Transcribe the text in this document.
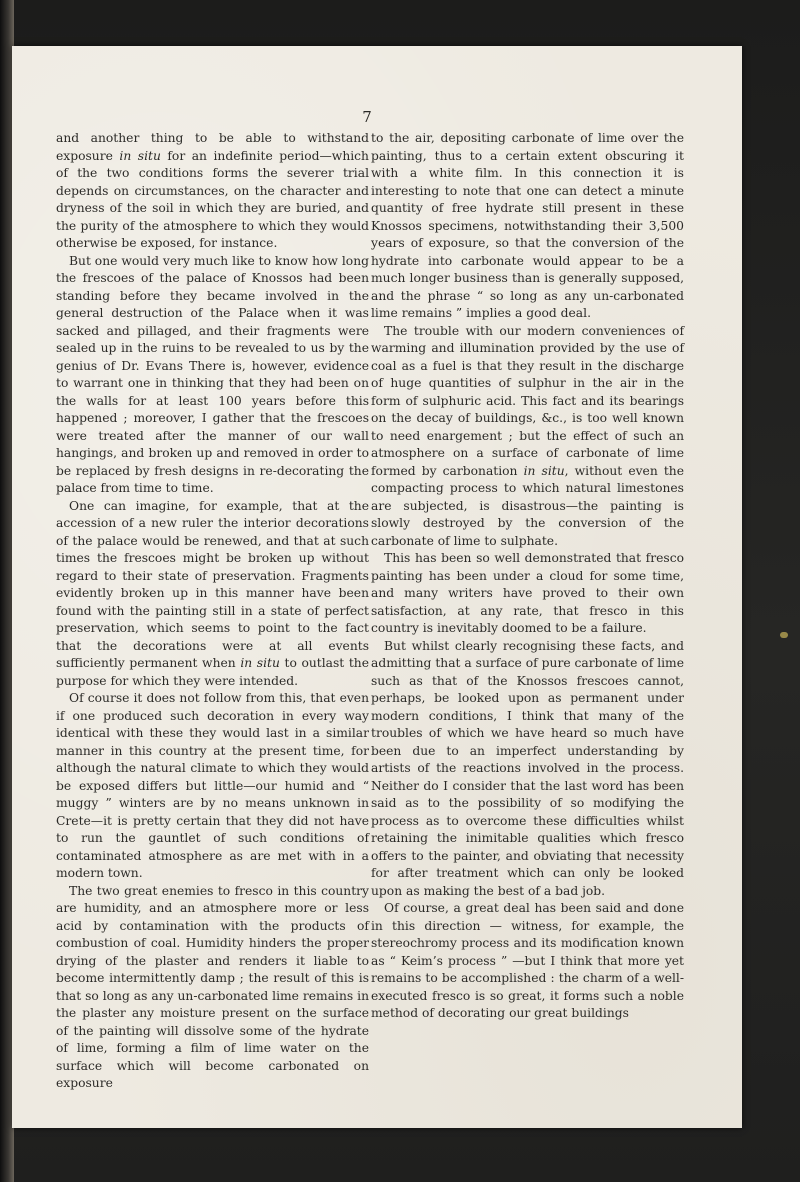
7

and another thing to be able to withstand exposure in situ for an indefinite period—which of the two conditions forms the severer trial depends on circumstances, on the character and dryness of the soil in which they are buried, and the purity of the atmosphere to which they would otherwise be exposed, for instance.

But one would very much like to know how long the frescoes of the palace of Knossos had been standing before they became involved in the general destruction of the Palace when it was sacked and pillaged, and their fragments were sealed up in the ruins to be revealed to us by the genius of Dr. Evans There is, however, evidence to warrant one in thinking that they had been on the walls for at least 100 years before this happened ; moreover, I gather that the frescoes were treated after the manner of our wall hangings, and broken up and removed in order to be replaced by fresh designs in re-decorating the palace from time to time.

One can imagine, for example, that at the accession of a new ruler the interior decorations of the palace would be renewed, and that at such times the frescoes might be broken up without regard to their state of preservation. Fragments evidently broken up in this manner have been found with the painting still in a state of perfect preservation, which seems to point to the fact that the decorations were at all events sufficiently permanent when in situ to outlast the purpose for which they were intended.

Of course it does not follow from this, that even if one produced such decoration in every way identical with these they would last in a similar manner in this country at the present time, for although the natural climate to which they would be exposed differs but little—our humid and “ muggy ” winters are by no means unknown in Crete—it is pretty certain that they did not have to run the gauntlet of such conditions of contaminated atmosphere as are met with in a modern town.

The two great enemies to fresco in this country are humidity, and an atmosphere more or less acid by contamination with the products of combustion of coal. Humidity hinders the proper drying of the plaster and renders it liable to become intermittently damp ; the result of this is that so long as any un-carbonated lime remains in the plaster any moisture present on the surface of the painting will dissolve some of the hydrate of lime, forming a film of lime water on the surface which will become carbonated on exposure

to the air, depositing carbonate of lime over the painting, thus to a certain extent obscuring it with a white film. In this connection it is interesting to note that one can detect a minute quantity of free hydrate still present in these Knossos specimens, notwithstanding their 3,500 years of exposure, so that the conversion of the hydrate into carbonate would appear to be a much longer business than is generally supposed, and the phrase “ so long as any un-carbonated lime remains ” implies a good deal.

The trouble with our modern conveniences of warming and illumination provided by the use of coal as a fuel is that they result in the discharge of huge quantities of sulphur in the air in the form of sulphuric acid. This fact and its bearings on the decay of buildings, &c., is too well known to need enargement ; but the effect of such an atmosphere on a surface of carbonate of lime formed by carbonation in situ, without even the compacting process to which natural limestones are subjected, is disastrous—the painting is slowly destroyed by the conversion of the carbonate of lime to sulphate.

This has been so well demonstrated that fresco painting has been under a cloud for some time, and many writers have proved to their own satisfaction, at any rate, that fresco in this country is inevitably doomed to be a failure.

But whilst clearly recognising these facts, and admitting that a surface of pure carbonate of lime such as that of the Knossos frescoes cannot, perhaps, be looked upon as permanent under modern conditions, I think that many of the troubles of which we have heard so much have been due to an imperfect understanding by artists of the reactions involved in the process. Neither do I consider that the last word has been said as to the possibility of so modifying the process as to overcome these difficulties whilst retaining the inimitable qualities which fresco offers to the painter, and obviating that necessity for after treatment which can only be looked upon as making the best of a bad job.

Of course, a great deal has been said and done in this direction — witness, for example, the stereochromy process and its modification known as “ Keim’s process ” —but I think that more yet remains to be accomplished : the charm of a well-executed fresco is so great, it forms such a noble method of decorating our great buildings
